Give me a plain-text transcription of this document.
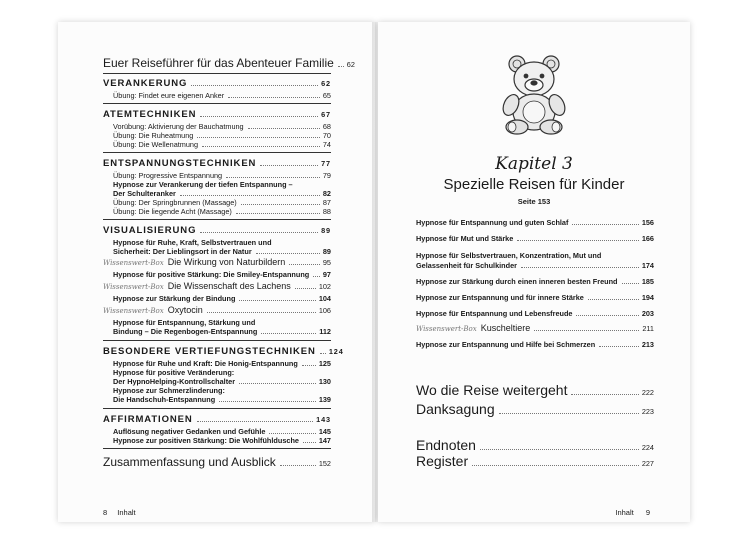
Euer Reiseführer für das Abenteuer Familie 62
VERANKERUNG	62
Übung: Findet eure eigenen Anker	65
ATEMTECHNIKEN	67
Vorübung: Aktivierung der Bauchatmung	68
Übung: Die Ruheatmung	70
Übung: Die Wellenatmung	74
ENTSPANNUNGSTECHNIKEN	77
Übung: Progressive Entspannung	79
Hypnose zur Verankerung der tiefen Entspannung –
Der Schulteranker	82
Übung: Der Springbrunnen (Massage)	87
Übung: Die liegende Acht (Massage)	88
VISUALISIERUNG	89
Hypnose für Ruhe, Kraft, Selbstvertrauen und
Sicherheit: Der Lieblingsort in der Natur	89
Wissenswert-Box Die Wirkung von Naturbildern	95
Hypnose für positive Stärkung: Die Smiley-Entspannung 97
Wissenswert-Box Die Wissenschaft des Lachens	102
Hypnose zur Stärkung der Bindung	104
Wissenswert-Box Oxytocin	106
Hypnose für Entspannung, Stärkung und
Bindung – Die Regenbogen-Entspannung	112
BESONDERE VERTIEFUNGSTECHNIKEN 124
Hypnose für Ruhe und Kraft: Die Honig-Entspannung	125
Hypnose für positive Veränderung:
Der HypnoHelping-Kontrollschalter	130
Hypnose zur Schmerzlinderung:
Die Handschuh-Entspannung	139
AFFIRMATIONEN	143
Auflösung negativer Gedanken und Gefühle	145
Hypnose zur positiven Stärkung: Die Wohlfühldusche	147
Zusammenfassung und Ausblick	152
8 Inhalt
Kapitel 3
Spezielle Reisen für Kinder
Seite 153
Hypnose für Entspannung und guten Schlaf	156
Hypnose für Mut und Stärke	166
Hypnose für Selbstvertrauen, Konzentration, Mut und
Gelassenheit für Schulkinder	174
Hypnose zur Stärkung durch einen inneren besten Freund	185
Hypnose zur Entspannung und für innere Stärke	194
Hypnose für Entspannung und Lebensfreude	203
Wissenswert-Box Kuscheltiere	211
Hypnose zur Entspannung und Hilfe bei Schmerzen	213
Wo die Reise weitergeht	222
Danksagung	223
Endnoten	224
Register	227
Inhalt 9
